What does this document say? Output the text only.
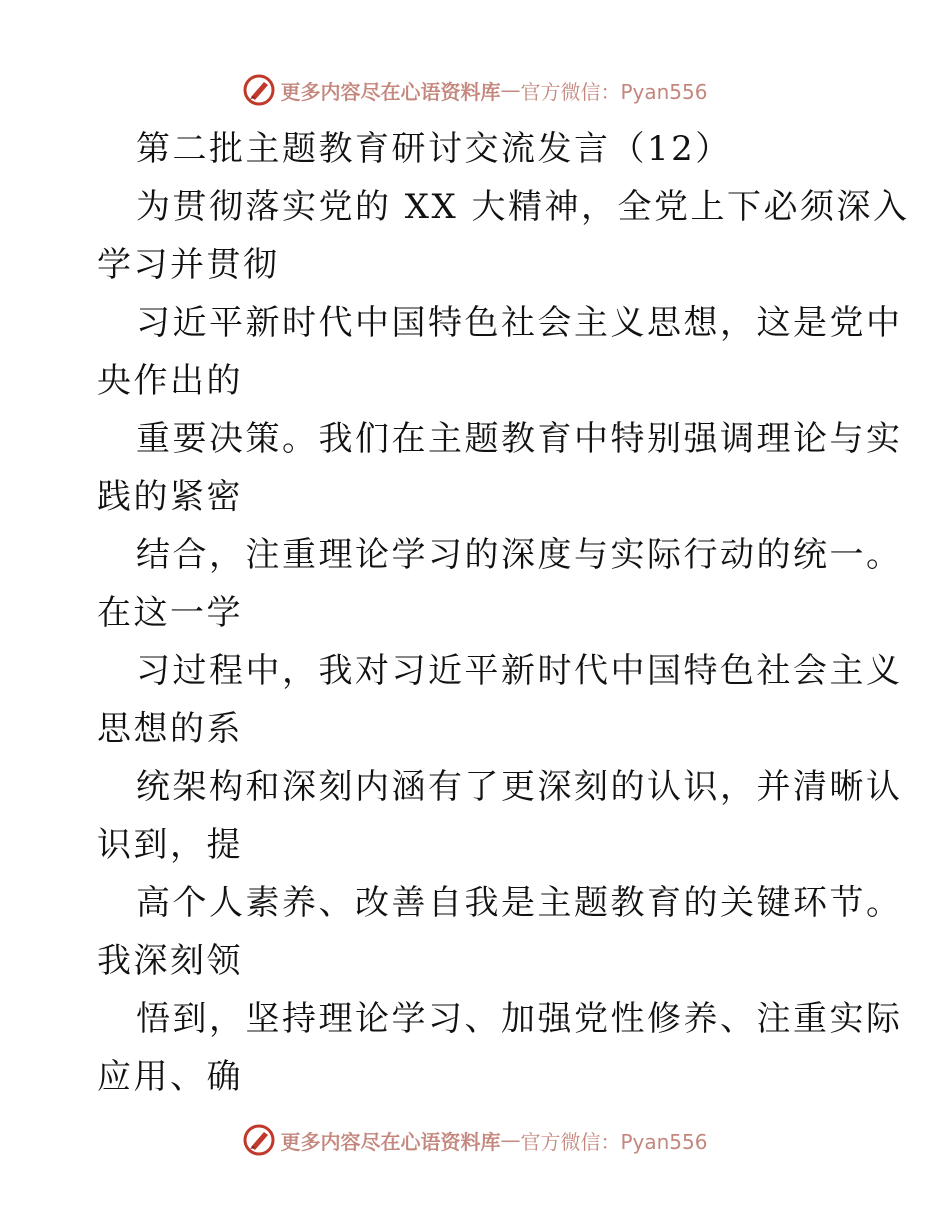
更多内容尽在心语资料库 — 官方微信：Pyan556
第二批主题教育研讨交流发言（12）
为贯彻落实党的 XX 大精神，全党上下必须深入
学习并贯彻
习近平新时代中国特色社会主义思想，这是党中
央作出的
重要决策。我们在主题教育中特别强调理论与实
践的紧密
结合，注重理论学习的深度与实际行动的统一。
在这一学
习过程中，我对习近平新时代中国特色社会主义
思想的系
统架构和深刻内涵有了更深刻的认识，并清晰认
识到，提
高个人素养、改善自我是主题教育的关键环节。
我深刻领
悟到，坚持理论学习、加强党性修养、注重实际
应用、确
更多内容尽在心语资料库 — 官方微信：Pyan556
